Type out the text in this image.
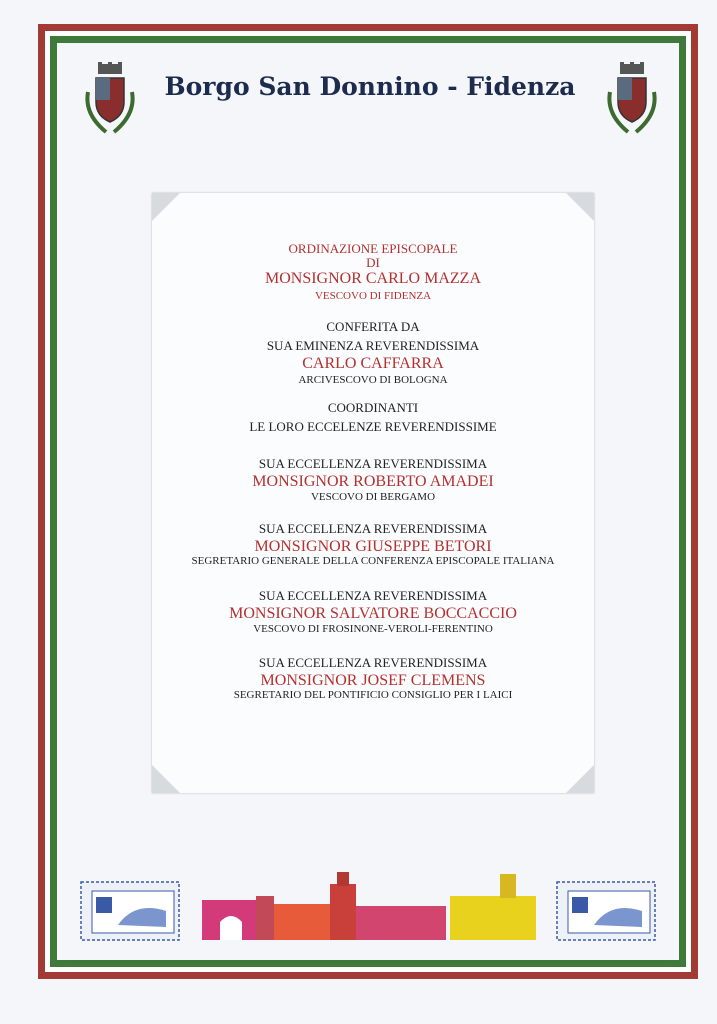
Borgo San Donnino - Fidenza
ORDINAZIONE EPISCOPALE
DI
MONSIGNOR CARLO MAZZA
VESCOVO DI FIDENZA
CONFERITA DA
SUA EMINENZA REVERENDISSIMA
CARLO CAFFARRA
ARCIVESCOVO DI BOLOGNA
COORDINANTI
LE LORO ECCELENZE REVERENDISSIME
SUA ECCELLENZA REVERENDISSIMA
MONSIGNOR ROBERTO AMADEI
VESCOVO DI BERGAMO
SUA ECCELLENZA REVERENDISSIMA
MONSIGNOR GIUSEPPE BETORI
SEGRETARIO GENERALE DELLA CONFERENZA EPISCOPALE ITALIANA
SUA ECCELLENZA REVERENDISSIMA
MONSIGNOR SALVATORE BOCCACCIO
VESCOVO DI FROSINONE-VEROLI-FERENTINO
SUA ECCELLENZA REVERENDISSIMA
MONSIGNOR JOSEF CLEMENS
SEGRETARIO DEL PONTIFICIO CONSIGLIO PER I LAICI
